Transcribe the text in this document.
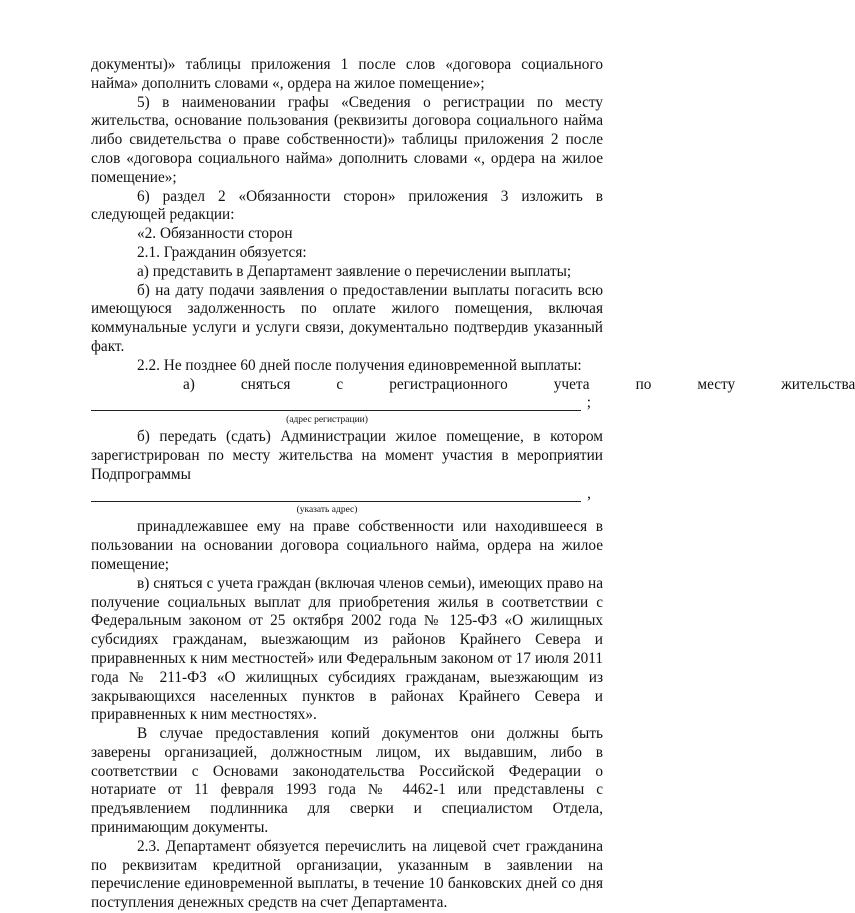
документы)» таблицы приложения 1 после слов «договора социального найма» дополнить словами «, ордера на жилое помещение»;

5) в наименовании графы «Сведения о регистрации по месту жительства, основание пользования (реквизиты договора социального найма либо свидетельства о праве собственности)» таблицы приложения 2 после слов «договора социального найма» дополнить словами «, ордера на жилое помещение»;

6) раздел 2 «Обязанности сторон» приложения 3 изложить в следующей редакции:

«2. Обязанности сторон

2.1. Гражданин обязуется:

а) представить в Департамент заявление о перечислении выплаты;

б) на дату подачи заявления о предоставлении выплаты погасить всю имеющуюся задолженность по оплате жилого помещения, включая коммунальные услуги и услуги связи, документально подтвердив указанный факт.

2.2. Не позднее 60 дней после получения единовременной выплаты:

а)	сняться	с	регистрационного	учета	по	месту	жительства
;
(адрес регистрации)

б) передать (сдать) Администрации жилое помещение, в котором зарегистрирован по месту жительства на момент участия в мероприятии Подпрограммы

,
(указать адрес)

принадлежавшее ему на праве собственности или находившееся в пользовании на основании договора социального найма, ордера на жилое помещение;

в) сняться с учета граждан (включая членов семьи), имеющих право на получение социальных выплат для приобретения жилья в соответствии с Федеральным законом от 25 октября 2002 года № 125-ФЗ «О жилищных субсидиях гражданам, выезжающим из районов Крайнего Севера и приравненных к ним местностей» или Федеральным законом от 17 июля 2011 года № 211-ФЗ «О жилищных субсидиях гражданам, выезжающим из закрывающихся населенных пунктов в районах Крайнего Севера и приравненных к ним местностях».

В случае предоставления копий документов они должны быть заверены организацией, должностным лицом, их выдавшим, либо в соответствии с Основами законодательства Российской Федерации о нотариате от 11 февраля 1993 года № 4462-1 или представлены с предъявлением подлинника для сверки и специалистом Отдела, принимающим документы.

2.3. Департамент обязуется перечислить на лицевой счет гражданина по реквизитам кредитной организации, указанным в заявлении на перечисление единовременной выплаты, в течение 10 банковских дней со дня поступления денежных средств на счет Департамента.
